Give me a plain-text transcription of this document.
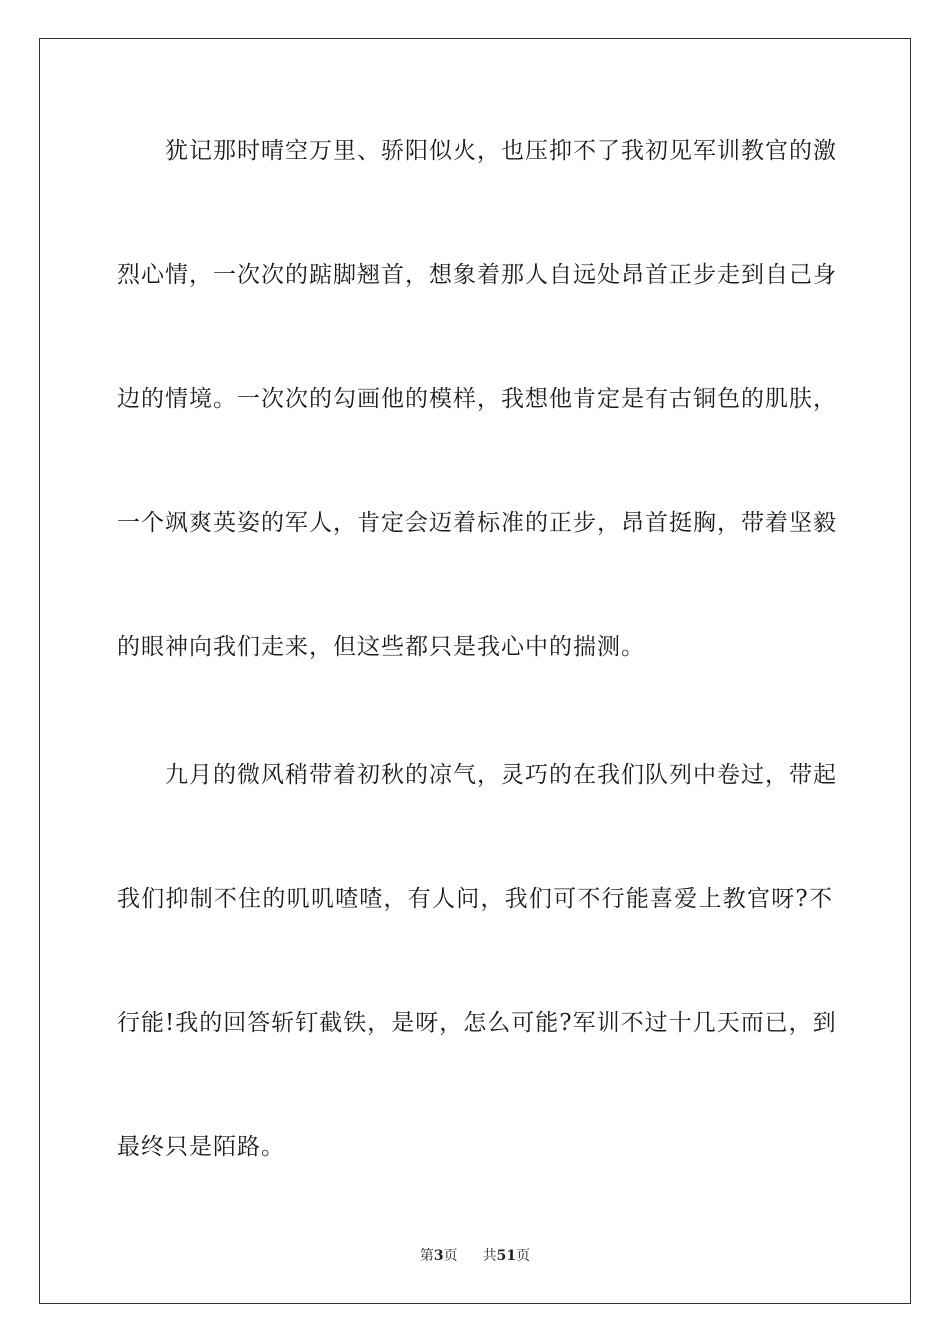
犹记那时晴空万里、骄阳似火，也压抑不了我初见军训教官的激
烈心情，一次次的踮脚翘首，想象着那人自远处昂首正步走到自己身
边的情境。一次次的勾画他的模样，我想他肯定是有古铜色的肌肤，
一个飒爽英姿的军人，肯定会迈着标准的正步，昂首挺胸，带着坚毅
的眼神向我们走来，但这些都只是我心中的揣测。
九月的微风稍带着初秋的凉气，灵巧的在我们队列中卷过，带起
我们抑制不住的叽叽喳喳，有人问，我们可不行能喜爱上教官呀?不
行能!我的回答斩钉截铁，是呀，怎么可能?军训不过十几天而已，到
最终只是陌路。
第3页 共51页
